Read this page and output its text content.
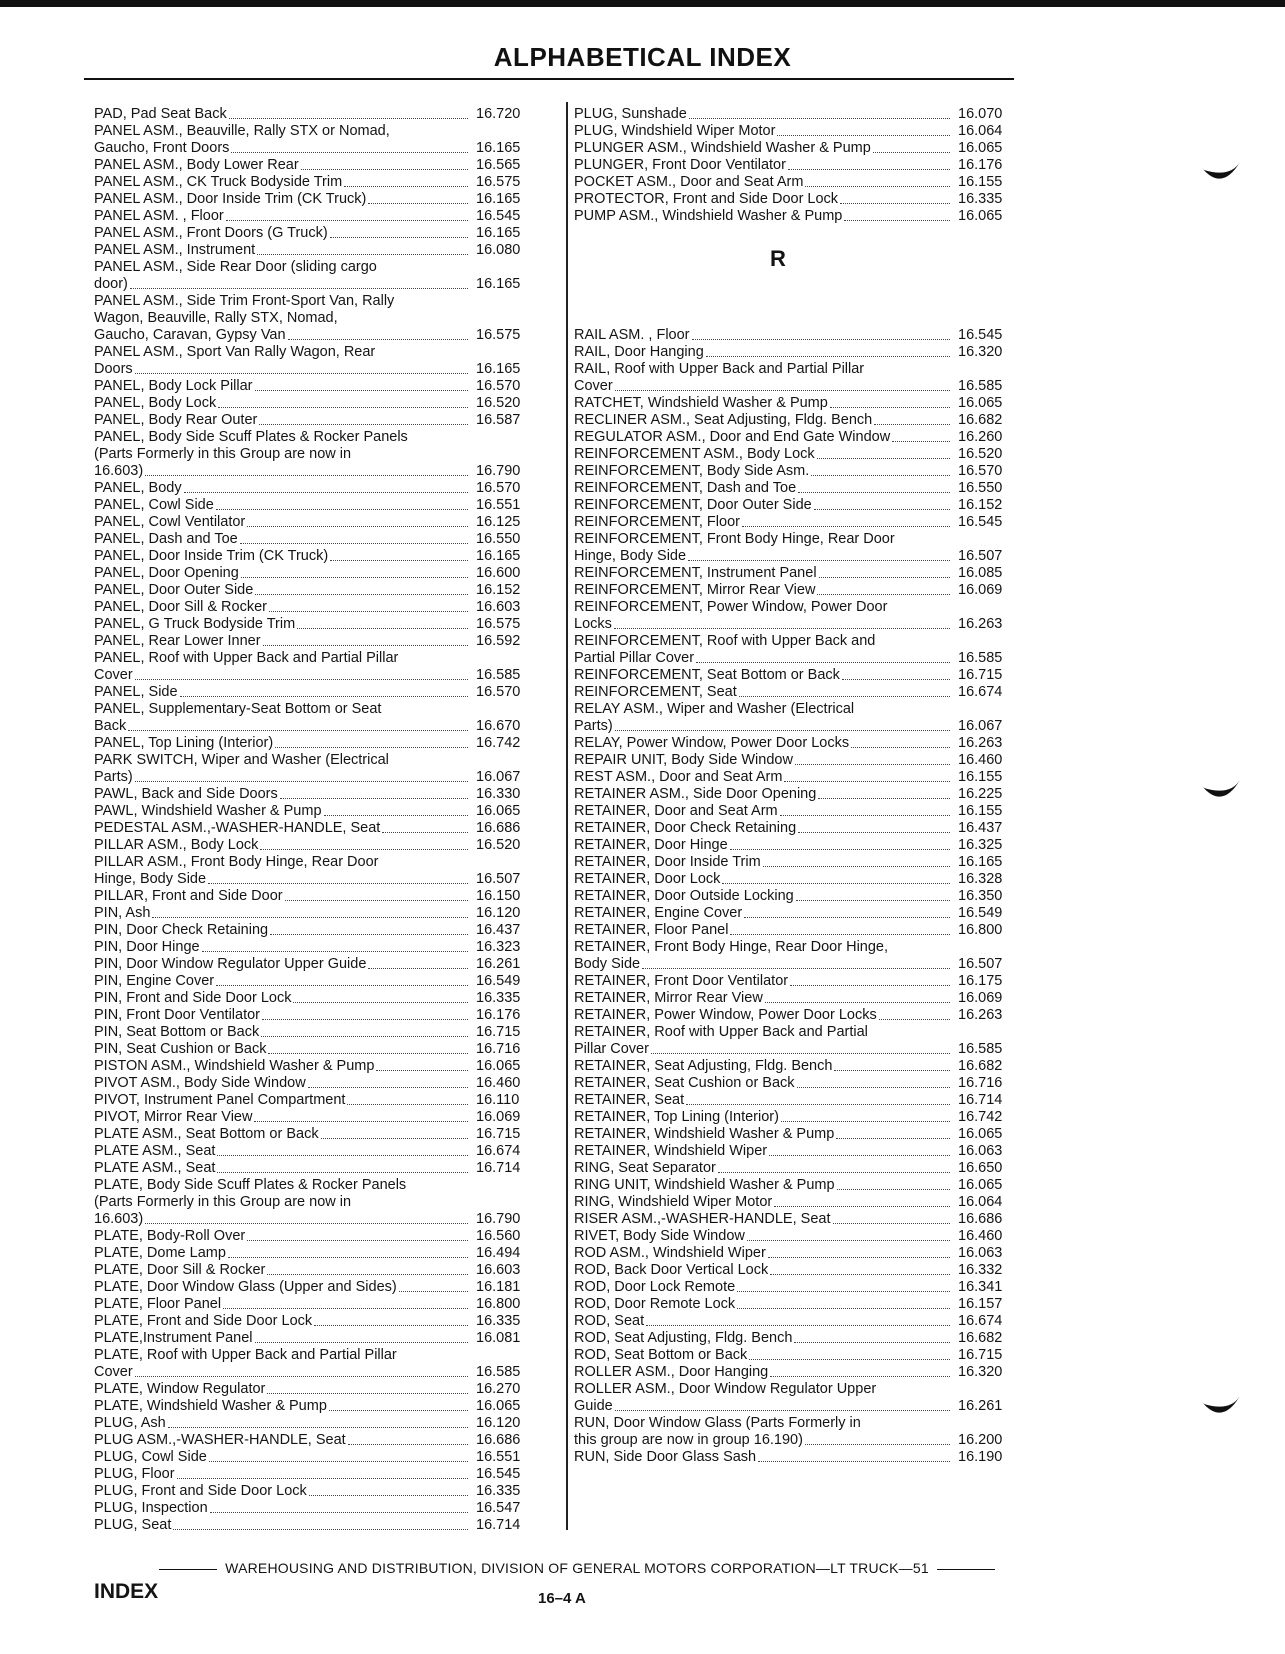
ALPHABETICAL INDEX
PAD, Pad Seat Back	16.720
PANEL ASM., Beauville, Rally STX or Nomad,
Gaucho, Front Doors	16.165
PANEL ASM., Body Lower Rear	16.565
PANEL ASM., CK Truck Bodyside Trim	16.575
PANEL ASM., Door Inside Trim (CK Truck)	16.165
PANEL ASM. , Floor	16.545
PANEL ASM., Front Doors (G Truck)	16.165
PANEL ASM., Instrument	16.080
PANEL ASM., Side Rear Door (sliding cargo
door)	16.165
PANEL ASM., Side Trim Front-Sport Van, Rally
Wagon, Beauville, Rally STX, Nomad,
Gaucho, Caravan, Gypsy Van	16.575
PANEL ASM., Sport Van Rally Wagon, Rear
Doors	16.165
PANEL, Body Lock Pillar	16.570
PANEL, Body Lock	16.520
PANEL, Body Rear Outer	16.587
PANEL, Body Side Scuff Plates & Rocker Panels
(Parts Formerly in this Group are now in
16.603)	16.790
PANEL, Body	16.570
PANEL, Cowl Side	16.551
PANEL, Cowl Ventilator	16.125
PANEL, Dash and Toe	16.550
PANEL, Door Inside Trim (CK Truck)	16.165
PANEL, Door Opening	16.600
PANEL, Door Outer Side	16.152
PANEL, Door Sill & Rocker	16.603
PANEL, G Truck Bodyside Trim	16.575
PANEL, Rear Lower Inner	16.592
PANEL, Roof with Upper Back and Partial Pillar
Cover	16.585
PANEL, Side	16.570
PANEL, Supplementary-Seat Bottom or Seat
Back	16.670
PANEL, Top Lining (Interior)	16.742
PARK SWITCH, Wiper and Washer (Electrical
Parts)	16.067
PAWL, Back and Side Doors	16.330
PAWL, Windshield Washer & Pump	16.065
PEDESTAL ASM.,-WASHER-HANDLE, Seat	16.686
PILLAR ASM., Body Lock	16.520
PILLAR ASM., Front Body Hinge, Rear Door
Hinge, Body Side	16.507
PILLAR, Front and Side Door	16.150
PIN, Ash	16.120
PIN, Door Check Retaining	16.437
PIN, Door Hinge	16.323
PIN, Door Window Regulator Upper Guide	16.261
PIN, Engine Cover	16.549
PIN, Front and Side Door Lock	16.335
PIN, Front Door Ventilator	16.176
PIN, Seat Bottom or Back	16.715
PIN, Seat Cushion or Back	16.716
PISTON ASM., Windshield Washer & Pump	16.065
PIVOT ASM., Body Side Window	16.460
PIVOT, Instrument Panel Compartment	16.110
PIVOT, Mirror Rear View	16.069
PLATE ASM., Seat Bottom or Back	16.715
PLATE ASM., Seat	16.674
PLATE ASM., Seat	16.714
PLATE, Body Side Scuff Plates & Rocker Panels
(Parts Formerly in this Group are now in
16.603)	16.790
PLATE, Body-Roll Over	16.560
PLATE, Dome Lamp	16.494
PLATE, Door Sill & Rocker	16.603
PLATE, Door Window Glass (Upper and Sides)	16.181
PLATE, Floor Panel	16.800
PLATE, Front and Side Door Lock	16.335
PLATE,Instrument Panel	16.081
PLATE, Roof with Upper Back and Partial Pillar
Cover	16.585
PLATE, Window Regulator	16.270
PLATE, Windshield Washer & Pump	16.065
PLUG, Ash	16.120
PLUG ASM.,-WASHER-HANDLE, Seat	16.686
PLUG, Cowl Side	16.551
PLUG, Floor	16.545
PLUG, Front and Side Door Lock	16.335
PLUG, Inspection	16.547
PLUG, Seat	16.714
PLUG, Sunshade	16.070
PLUG, Windshield Wiper Motor	16.064
PLUNGER ASM., Windshield Washer & Pump	16.065
PLUNGER, Front Door Ventilator	16.176
POCKET ASM., Door and Seat Arm	16.155
PROTECTOR, Front and Side Door Lock	16.335
PUMP ASM., Windshield Washer & Pump	16.065
R
RAIL ASM. , Floor	16.545
RAIL, Door Hanging	16.320
RAIL, Roof with Upper Back and Partial Pillar
Cover	16.585
RATCHET, Windshield Washer & Pump	16.065
RECLINER ASM., Seat Adjusting, Fldg. Bench	16.682
REGULATOR ASM., Door and End Gate Window	16.260
REINFORCEMENT ASM., Body Lock	16.520
REINFORCEMENT, Body Side Asm.	16.570
REINFORCEMENT, Dash and Toe	16.550
REINFORCEMENT, Door Outer Side	16.152
REINFORCEMENT, Floor	16.545
REINFORCEMENT, Front Body Hinge, Rear Door
Hinge, Body Side	16.507
REINFORCEMENT, Instrument Panel	16.085
REINFORCEMENT, Mirror Rear View	16.069
REINFORCEMENT, Power Window, Power Door
Locks	16.263
REINFORCEMENT, Roof with Upper Back and
Partial Pillar Cover	16.585
REINFORCEMENT, Seat Bottom or Back	16.715
REINFORCEMENT, Seat	16.674
RELAY ASM., Wiper and Washer (Electrical
Parts)	16.067
RELAY, Power Window, Power Door Locks	16.263
REPAIR UNIT, Body Side Window	16.460
REST ASM., Door and Seat Arm	16.155
RETAINER ASM., Side Door Opening	16.225
RETAINER, Door and Seat Arm	16.155
RETAINER, Door Check Retaining	16.437
RETAINER, Door Hinge	16.325
RETAINER, Door Inside Trim	16.165
RETAINER, Door Lock	16.328
RETAINER, Door Outside Locking	16.350
RETAINER, Engine Cover	16.549
RETAINER, Floor Panel	16.800
RETAINER, Front Body Hinge, Rear Door Hinge,
Body Side	16.507
RETAINER, Front Door Ventilator	16.175
RETAINER, Mirror Rear View	16.069
RETAINER, Power Window, Power Door Locks	16.263
RETAINER, Roof with Upper Back and Partial
Pillar Cover	16.585
RETAINER, Seat Adjusting, Fldg. Bench	16.682
RETAINER, Seat Cushion or Back	16.716
RETAINER, Seat	16.714
RETAINER, Top Lining (Interior)	16.742
RETAINER, Windshield Washer & Pump	16.065
RETAINER, Windshield Wiper	16.063
RING, Seat Separator	16.650
RING UNIT, Windshield Washer & Pump	16.065
RING, Windshield Wiper Motor	16.064
RISER ASM.,-WASHER-HANDLE, Seat	16.686
RIVET, Body Side Window	16.460
ROD ASM., Windshield Wiper	16.063
ROD, Back Door Vertical Lock	16.332
ROD, Door Lock Remote	16.341
ROD, Door Remote Lock	16.157
ROD, Seat	16.674
ROD, Seat Adjusting, Fldg. Bench	16.682
ROD, Seat Bottom or Back	16.715
ROLLER ASM., Door Hanging	16.320
ROLLER ASM., Door Window Regulator Upper
Guide	16.261
RUN, Door Window Glass (Parts Formerly in
this group are now in group 16.190)	16.200
RUN, Side Door Glass Sash	16.190
WAREHOUSING AND DISTRIBUTION, DIVISION OF GENERAL MOTORS CORPORATION—LT TRUCK—51
INDEX	16–4 A
